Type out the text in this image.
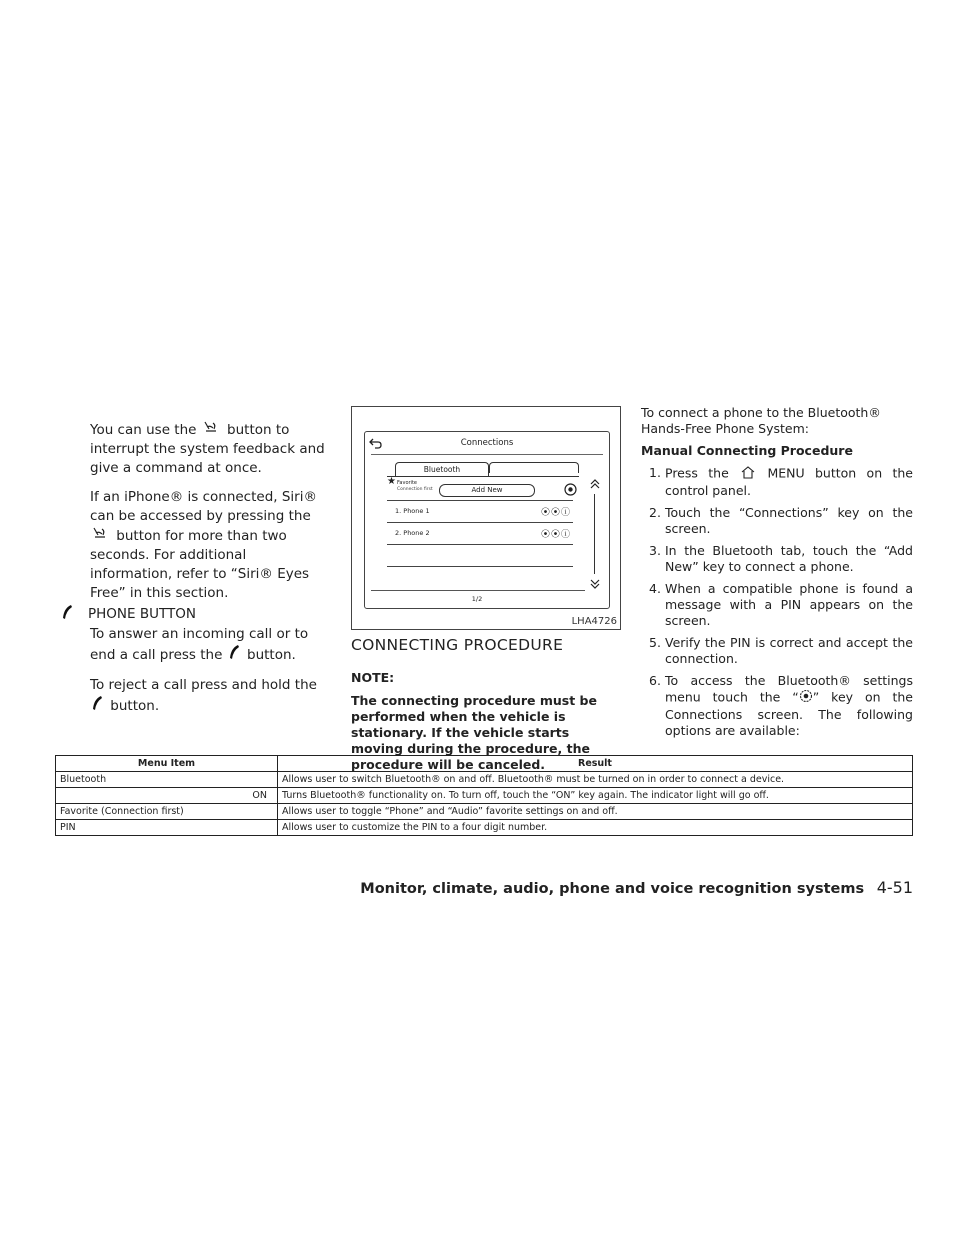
You can use the button to interrupt the system feedback and give a command at once.

If an iPhone® is connected, Siri® can be accessed by pressing the  button for more than two seconds. For additional information, refer to “Siri® Eyes Free” in this section.

PHONE BUTTON

To answer an incoming call or to end a call press the button.

To reject a call press and hold the  button.

Connections
Bluetooth
★ Favorite
Connection first	Add New
1. Phone 1	⦿⦿ⓘ
2. Phone 2	⦿⦿ⓘ
1/2
LHA4726
CONNECTING PROCEDURE

NOTE:

The connecting procedure must be performed when the vehicle is stationary. If the vehicle starts moving during the procedure, the procedure will be canceled.

To connect a phone to the Bluetooth® Hands-Free Phone System:

Manual Connecting Procedure

1. Press the	MENU button on the control panel.
2. Touch the “Connections” key on the screen.
3. In the Bluetooth tab, touch the “Add New” key to connect a phone.
4. When a compatible phone is found a message with a PIN appears on the screen.
5. Verify the PIN is correct and accept the connection.
6. To access the Bluetooth® settings menu touch the “ ” key on the Connections screen. The following options are available:
Menu Item	Result
Bluetooth	Allows user to switch Bluetooth® on and off. Bluetooth® must be turned on in order to connect a device.
ON	Turns Bluetooth® functionality on. To turn off, touch the “ON” key again. The indicator light will go off.
Favorite (Connection first)	Allows user to toggle “Phone” and “Audio” favorite settings on and off.
PIN	Allows user to customize the PIN to a four digit number.
Monitor, climate, audio, phone and voice recognition systems 4-51
